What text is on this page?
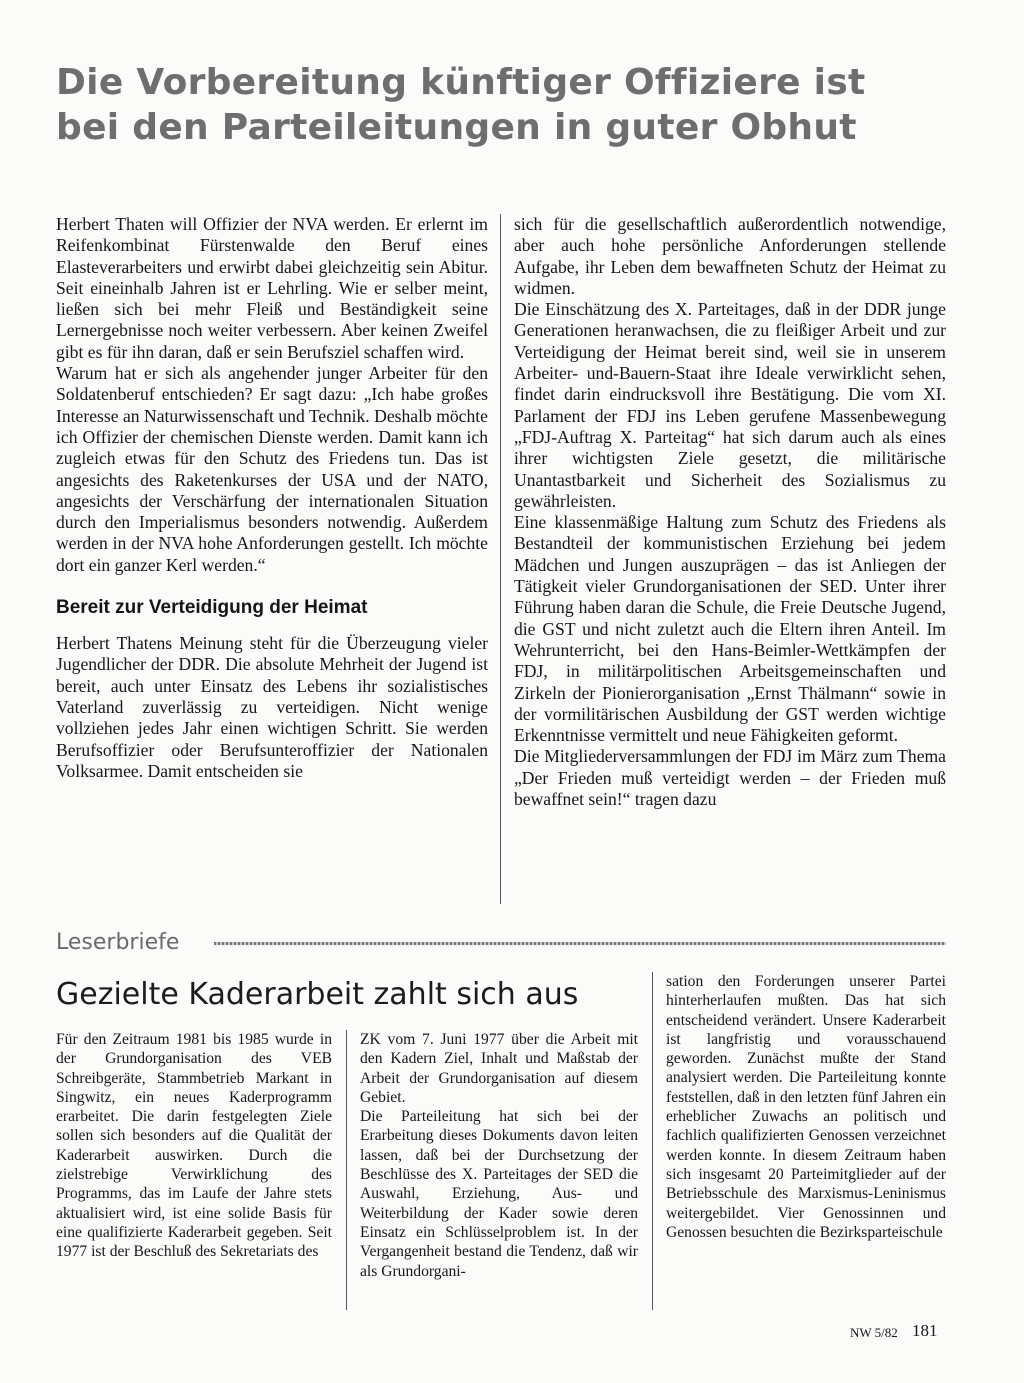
Die Vorbereitung künftiger Offiziere ist
bei den Parteileitungen in guter Obhut

Herbert Thaten will Offizier der NVA werden. Er erlernt im Reifenkombinat Fürstenwalde den Beruf eines Elasteverarbeiters und erwirbt dabei gleichzeitig sein Abitur. Seit eineinhalb Jahren ist er Lehrling. Wie er selber meint, ließen sich bei mehr Fleiß und Beständigkeit seine Lernergebnisse noch weiter verbessern. Aber keinen Zweifel gibt es für ihn daran, daß er sein Berufsziel schaffen wird.

Warum hat er sich als angehender junger Arbeiter für den Soldatenberuf entschieden? Er sagt dazu: „Ich habe großes Interesse an Naturwissenschaft und Technik. Deshalb möchte ich Offizier der chemischen Dienste werden. Damit kann ich zugleich etwas für den Schutz des Friedens tun. Das ist angesichts des Raketenkurses der USA und der NATO, angesichts der Verschärfung der internationalen Situation durch den Imperialismus besonders notwendig. Außerdem werden in der NVA hohe Anforderungen gestellt. Ich möchte dort ein ganzer Kerl werden.“

Bereit zur Verteidigung der Heimat

Herbert Thatens Meinung steht für die Überzeugung vieler Jugendlicher der DDR. Die absolute Mehrheit der Jugend ist bereit, auch unter Einsatz des Lebens ihr sozialistisches Vaterland zuverlässig zu verteidigen. Nicht wenige vollziehen jedes Jahr einen wichtigen Schritt. Sie werden Berufsoffizier oder Berufsunteroffizier der Nationalen Volksarmee. Damit entscheiden sie

sich für die gesellschaftlich außerordentlich notwendige, aber auch hohe persönliche Anforderungen stellende Aufgabe, ihr Leben dem bewaffneten Schutz der Heimat zu widmen.

Die Einschätzung des X. Parteitages, daß in der DDR junge Generationen heranwachsen, die zu fleißiger Arbeit und zur Verteidigung der Heimat bereit sind, weil sie in unserem Arbeiter- und-Bauern-Staat ihre Ideale verwirklicht sehen, findet darin eindrucksvoll ihre Bestätigung. Die vom XI. Parlament der FDJ ins Leben gerufene Massenbewegung „FDJ-Auftrag X. Parteitag“ hat sich darum auch als eines ihrer wichtigsten Ziele gesetzt, die militärische Unantastbarkeit und Sicherheit des Sozialismus zu gewährleisten.

Eine klassenmäßige Haltung zum Schutz des Friedens als Bestandteil der kommunistischen Erziehung bei jedem Mädchen und Jungen auszuprägen – das ist Anliegen der Tätigkeit vieler Grundorganisationen der SED. Unter ihrer Führung haben daran die Schule, die Freie Deutsche Jugend, die GST und nicht zuletzt auch die Eltern ihren Anteil. Im Wehrunterricht, bei den Hans-Beimler-Wettkämpfen der FDJ, in militärpolitischen Arbeitsgemeinschaften und Zirkeln der Pionierorganisation „Ernst Thälmann“ sowie in der vormilitärischen Ausbildung der GST werden wichtige Erkenntnisse vermittelt und neue Fähigkeiten geformt.

Die Mitgliederversammlungen der FDJ im März zum Thema „Der Frieden muß verteidigt werden – der Frieden muß bewaffnet sein!“ tragen dazu

Leserbriefe
Gezielte Kaderarbeit zahlt sich aus

Für den Zeitraum 1981 bis 1985 wurde in der Grundorganisation des VEB Schreibgeräte, Stammbetrieb Markant in Singwitz, ein neues Kaderprogramm erarbeitet. Die darin festgelegten Ziele sollen sich besonders auf die Qualität der Kaderarbeit auswirken. Durch die zielstrebige Verwirklichung des Programms, das im Laufe der Jahre stets aktualisiert wird, ist eine solide Basis für eine qualifizierte Kaderarbeit gegeben. Seit 1977 ist der Beschluß des Sekretariats des

ZK vom 7. Juni 1977 über die Arbeit mit den Kadern Ziel, Inhalt und Maßstab der Arbeit der Grundorganisation auf diesem Gebiet.

Die Parteileitung hat sich bei der Erarbeitung dieses Dokuments davon leiten lassen, daß bei der Durchsetzung der Beschlüsse des X. Parteitages der SED die Auswahl, Erziehung, Aus- und Weiterbildung der Kader sowie deren Einsatz ein Schlüsselproblem ist. In der Vergangenheit bestand die Tendenz, daß wir als Grundorgani-

sation den Forderungen unserer Partei hinterherlaufen mußten. Das hat sich entscheidend verändert. Unsere Kaderarbeit ist langfristig und vorausschauend geworden. Zunächst mußte der Stand analysiert werden. Die Parteileitung konnte feststellen, daß in den letzten fünf Jahren ein erheblicher Zuwachs an politisch und fachlich qualifizierten Genossen verzeichnet werden konnte. In diesem Zeitraum haben sich insgesamt 20 Parteimitglieder auf der Betriebsschule des Marxismus-Leninismus weitergebildet. Vier Genossinnen und Genossen besuchten die Bezirksparteischule

NW 5/82 181
